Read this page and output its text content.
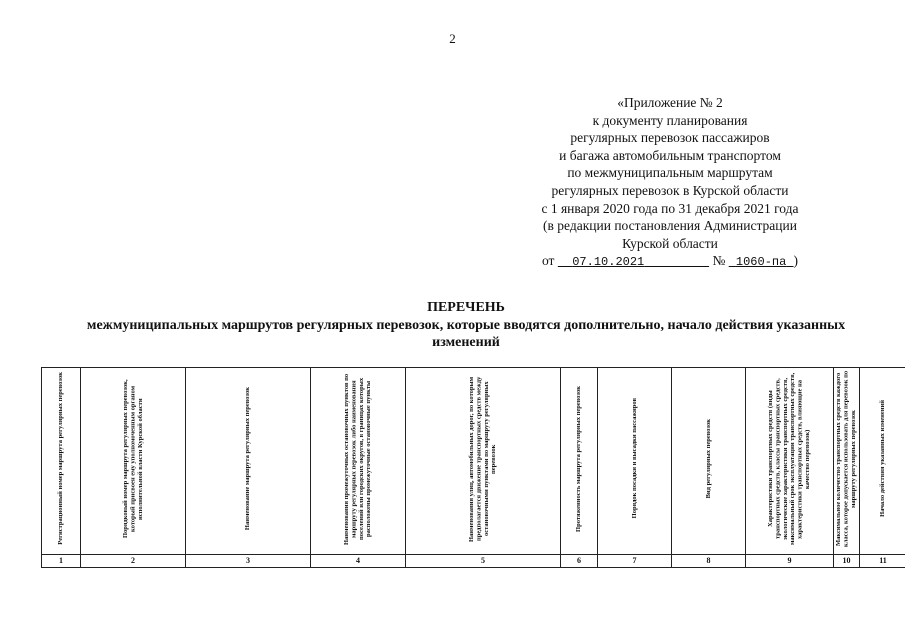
2
«Приложение № 2
к документу планирования
регулярных перевозок пассажиров
и багажа автомобильным транспортом
по межмуниципальным маршрутам
регулярных перевозок в Курской области
с 1 января 2020 года по 31 декабря 2021 года
(в редакции постановления Администрации
Курской области
от 07.10.2021	№ 1060-па )
ПЕРЕЧЕНЬ
межмуниципальных маршрутов регулярных перевозок, которые вводятся дополнительно, начало действия указанных изменений
Регистрационный номер маршрута регулярных перевозок	Порядковый номер маршрута регулярных перевозок, который присвоен ему уполномоченным органом исполнительной власти Курской области	Наименование маршрута регулярных перевозок	Наименования промежуточных остановочных пунктов по маршруту регулярных перевозок либо наименования поселений или городских округов, в границах которых расположены промежуточные остановочные пункты	Наименования улиц, автомобильных дорог, по которым предполагается движение транспортных средств между остановочными пунктами по маршруту регулярных перевозок	Протяженность маршрута регулярных перевозок	Порядок посадки и высадки пассажиров	Вид регулярных перевозок	Характеристики транспортных средств (виды транспортных средств, классы транспортных средств, экологические характеристики транспортных средств, максимальный срок эксплуатации транспортных средств, характеристики транспортных средств, влияющие на качество перевозок)	Максимальное количество транспортных средств каждого класса, которое допускается использовать для перевозок по маршруту регулярных перевозок	Начало действия указанных изменений
1	2	3	4	5	6	7	8	9	10	11
